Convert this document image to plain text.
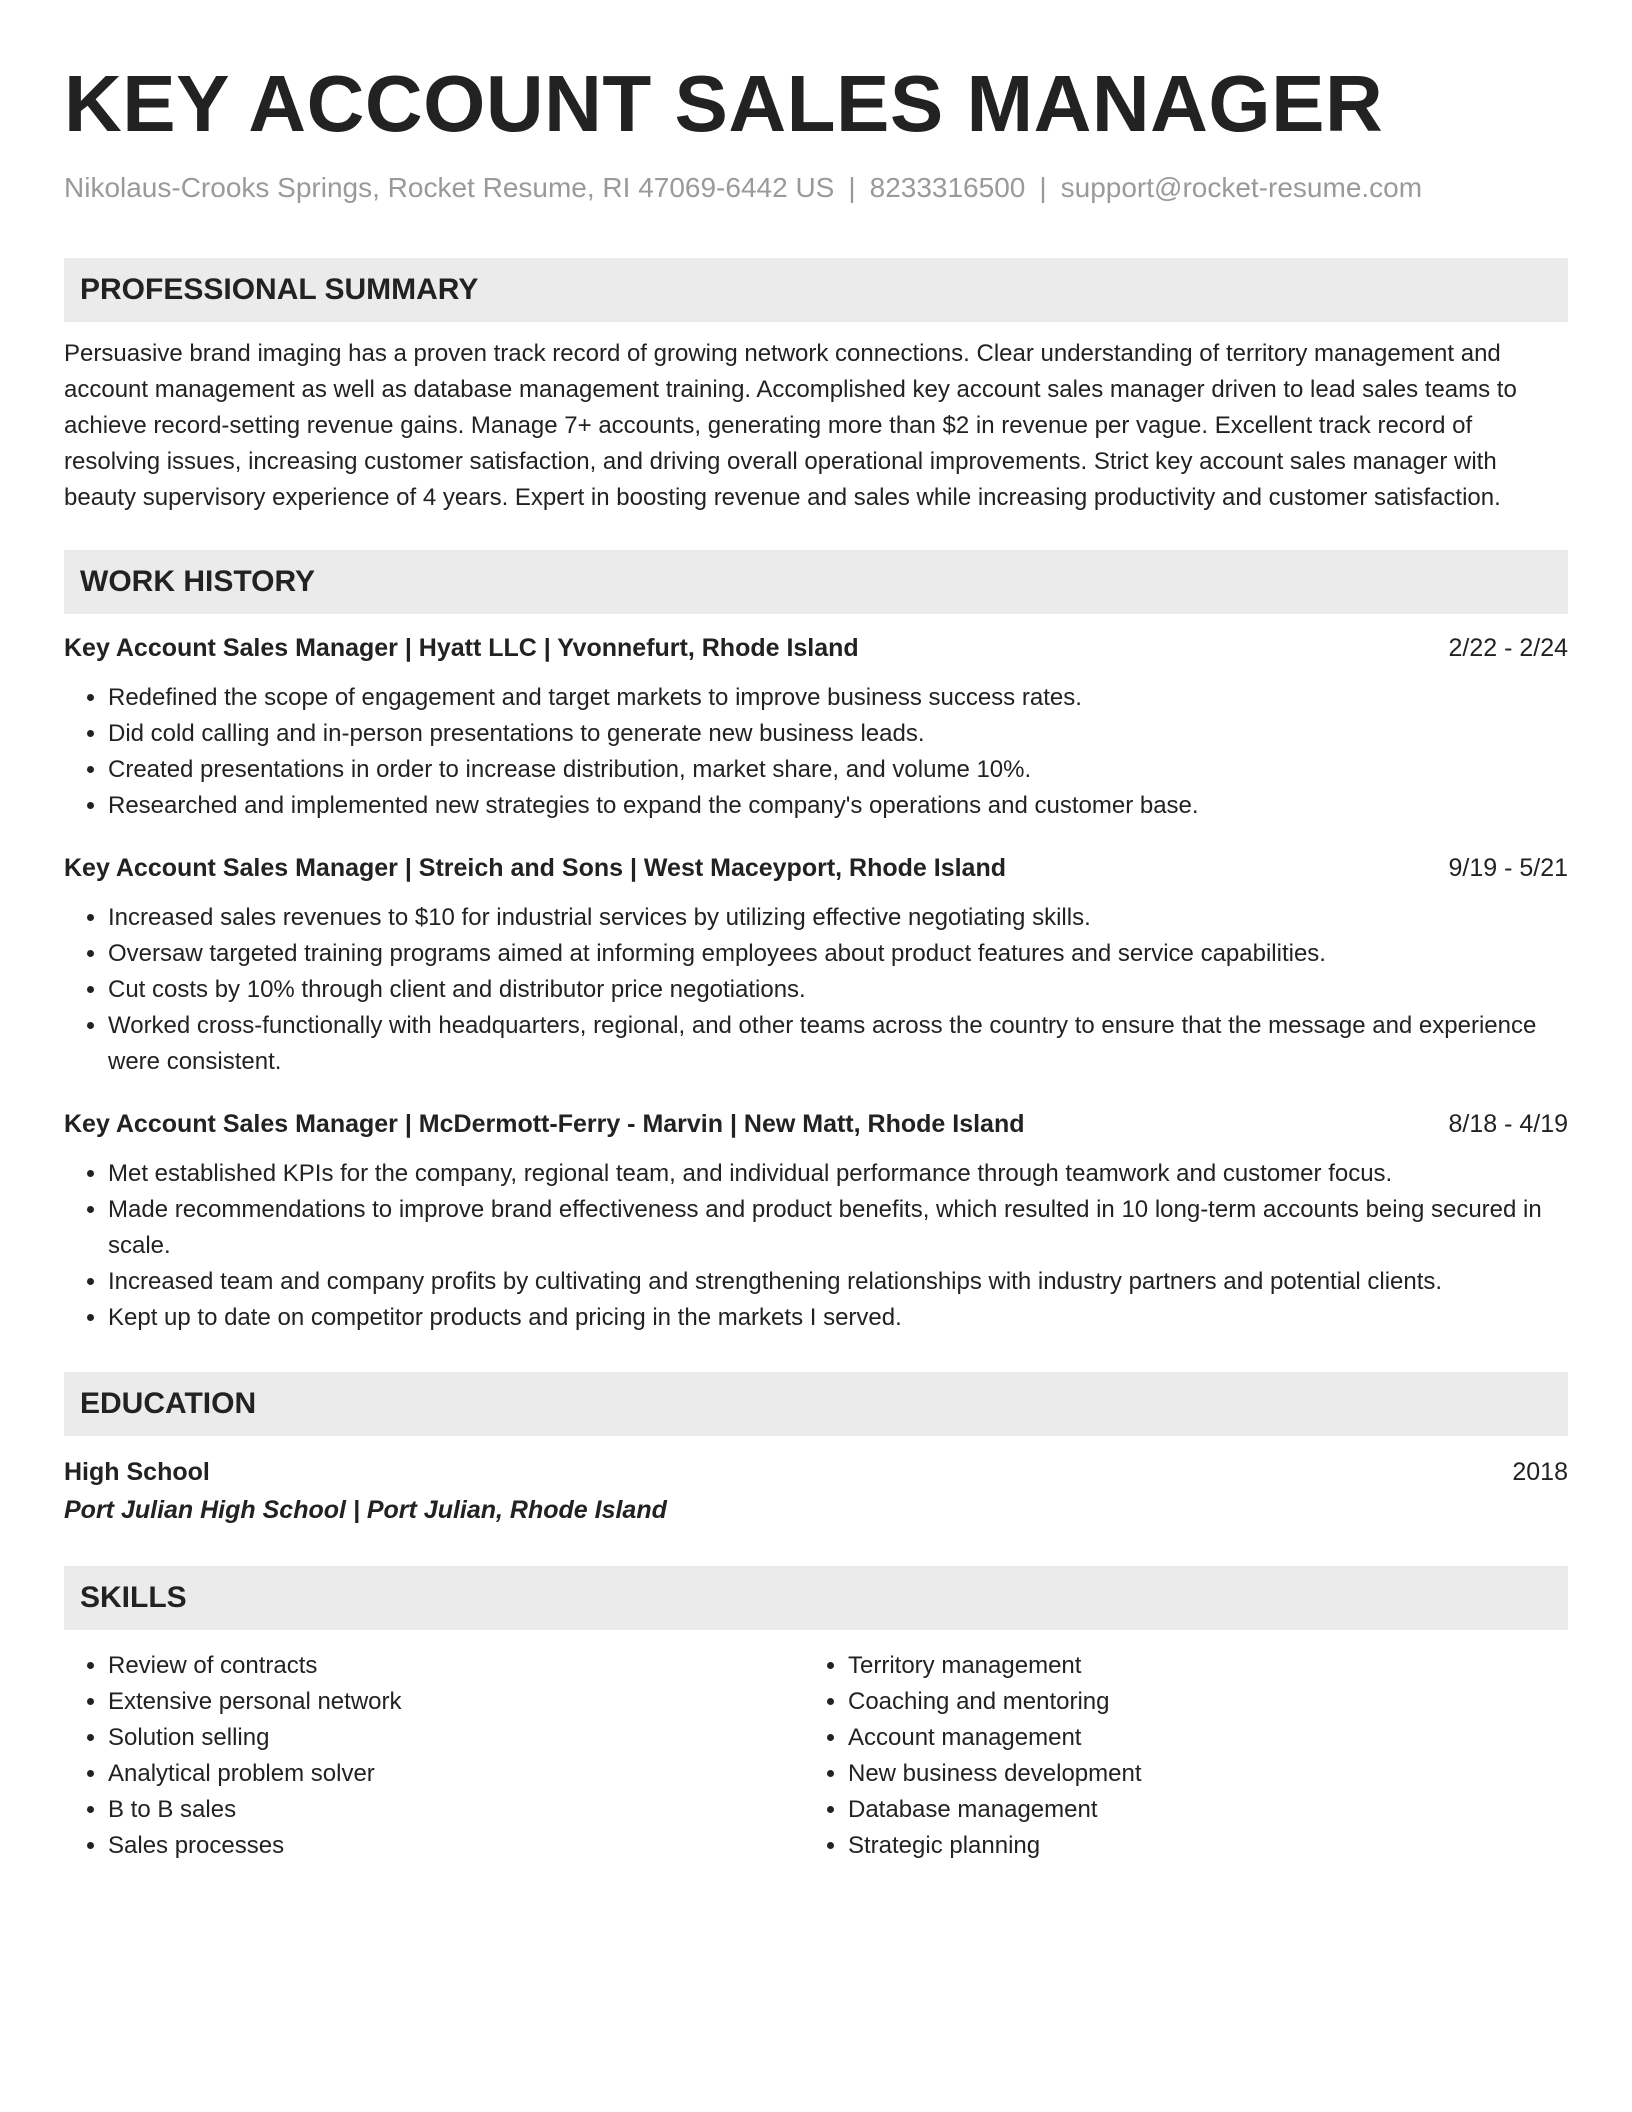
KEY ACCOUNT SALES MANAGER
Nikolaus-Crooks Springs, Rocket Resume, RI 47069-6442 US | 8233316500 | support@rocket-resume.com
PROFESSIONAL SUMMARY

Persuasive brand imaging has a proven track record of growing network connections. Clear understanding of territory management and account management as well as database management training. Accomplished key account sales manager driven to lead sales teams to achieve record-setting revenue gains. Manage 7+ accounts, generating more than $2 in revenue per vague. Excellent track record of resolving issues, increasing customer satisfaction, and driving overall operational improvements. Strict key account sales manager with beauty supervisory experience of 4 years. Expert in boosting revenue and sales while increasing productivity and customer satisfaction.

WORK HISTORY
Key Account Sales Manager | Hyatt LLC | Yvonnefurt, Rhode Island	2/22 - 2/24
• Redefined the scope of engagement and target markets to improve business success rates.
• Did cold calling and in-person presentations to generate new business leads.
• Created presentations in order to increase distribution, market share, and volume 10%.
• Researched and implemented new strategies to expand the company's operations and customer base.
Key Account Sales Manager | Streich and Sons | West Maceyport, Rhode Island	9/19 - 5/21
• Increased sales revenues to $10 for industrial services by utilizing effective negotiating skills.
• Oversaw targeted training programs aimed at informing employees about product features and service capabilities.
• Cut costs by 10% through client and distributor price negotiations.
• Worked cross-functionally with headquarters, regional, and other teams across the country to ensure that the message and experience were consistent.
Key Account Sales Manager | McDermott-Ferry - Marvin | New Matt, Rhode Island	8/18 - 4/19
• Met established KPIs for the company, regional team, and individual performance through teamwork and customer focus.
• Made recommendations to improve brand effectiveness and product benefits, which resulted in 10 long-term accounts being secured in scale.
• Increased team and company profits by cultivating and strengthening relationships with industry partners and potential clients.
• Kept up to date on competitor products and pricing in the markets I served.
EDUCATION
High School	2018
Port Julian High School | Port Julian, Rhode Island
SKILLS
• Review of contracts
• Extensive personal network
• Solution selling
• Analytical problem solver
• B to B sales
• Sales processes
• Territory management
• Coaching and mentoring
• Account management
• New business development
• Database management
• Strategic planning
